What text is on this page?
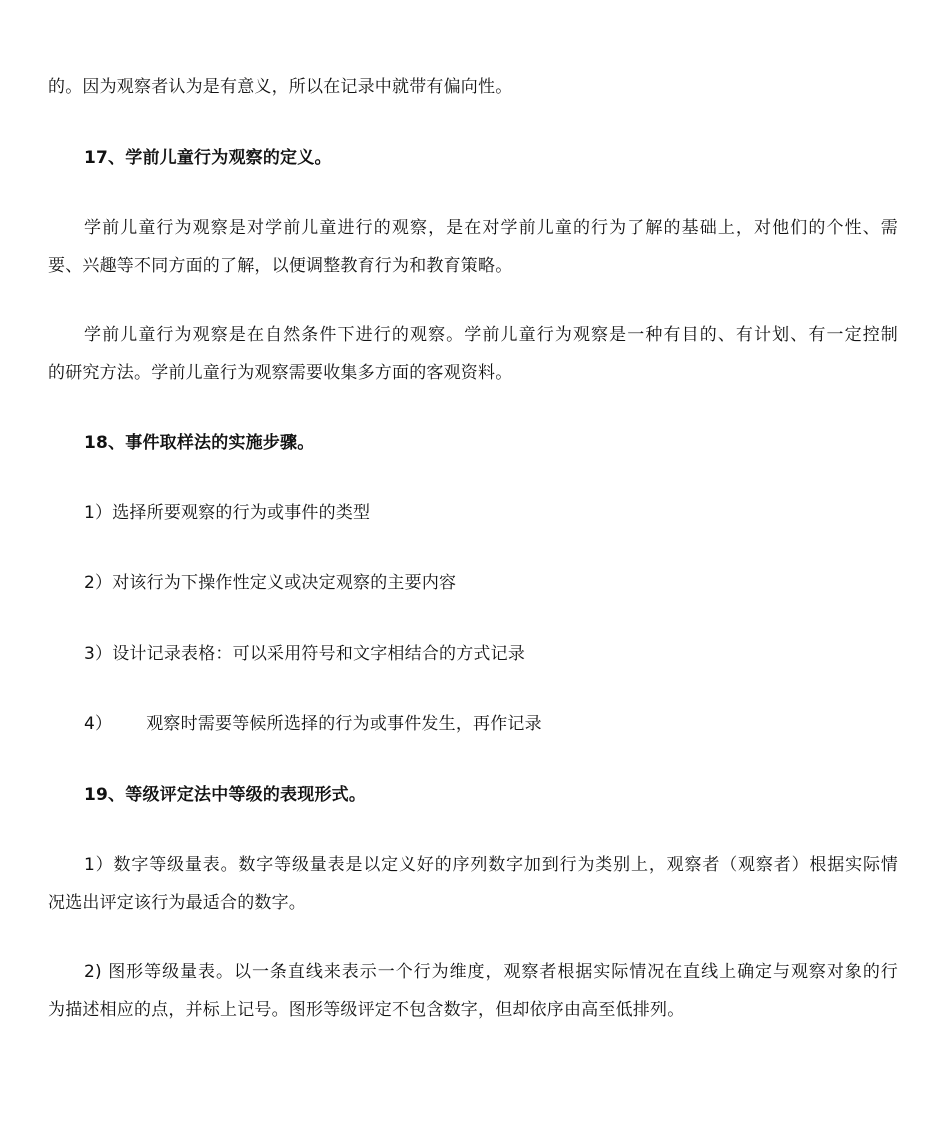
的。因为观察者认为是有意义，所以在记录中就带有偏向性。
17、学前儿童行为观察的定义。
学前儿童行为观察是对学前儿童进行的观察，是在对学前儿童的行为了解的基础上，对他们的个性、需
要、兴趣等不同方面的了解，以便调整教育行为和教育策略。
学前儿童行为观察是在自然条件下进行的观察。学前儿童行为观察是一种有目的、有计划、有一定控制
的研究方法。学前儿童行为观察需要收集多方面的客观资料。
18、事件取样法的实施步骤。
1）选择所要观察的行为或事件的类型
2）对该行为下操作性定义或决定观察的主要内容
3）设计记录表格：可以采用符号和文字相结合的方式记录
4） 观察时需要等候所选择的行为或事件发生，再作记录
19、等级评定法中等级的表现形式。
1）数字等级量表。数字等级量表是以定义好的序列数字加到行为类别上，观察者（观察者）根据实际情
况选出评定该行为最适合的数字。
2) 图形等级量表。以一条直线来表示一个行为维度，观察者根据实际情况在直线上确定与观察对象的行
为描述相应的点，并标上记号。图形等级评定不包含数字，但却依序由高至低排列。
